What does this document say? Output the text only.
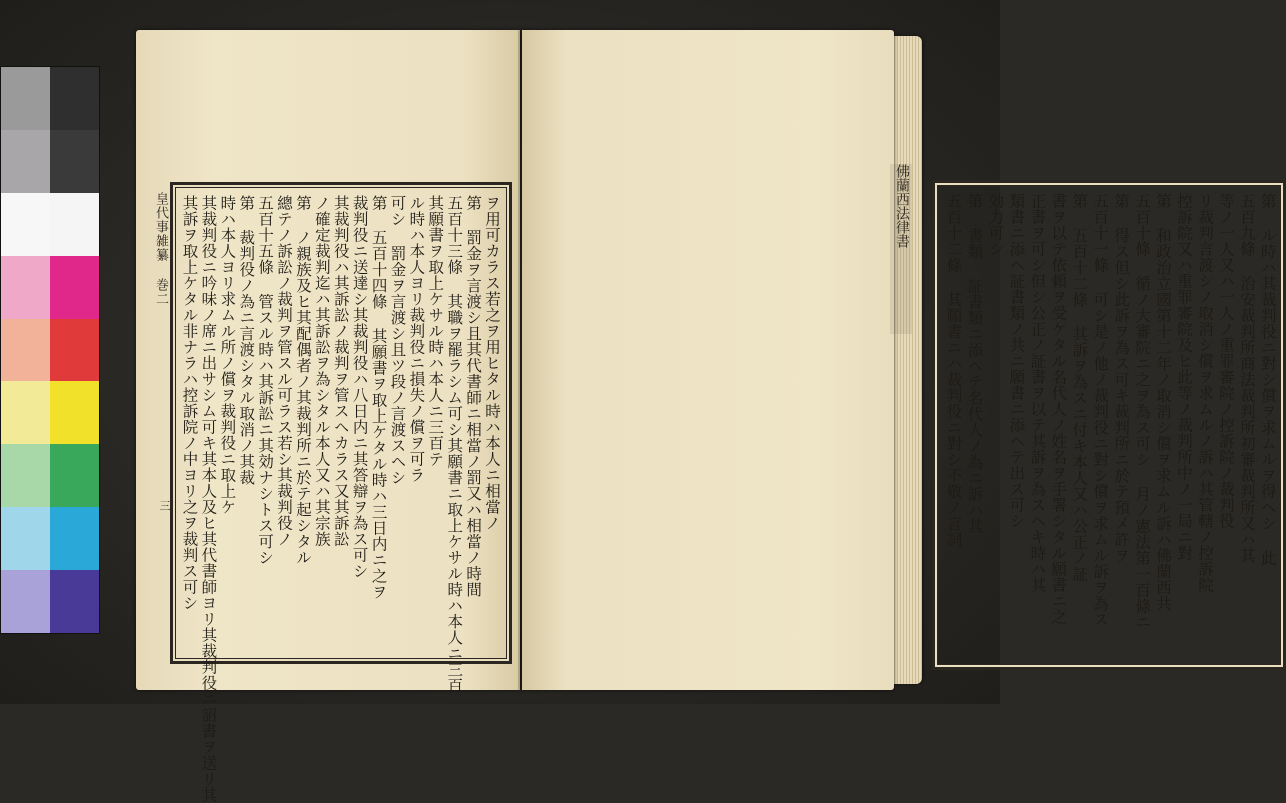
皇代事雑纂 巻二
三	ヲ用可カラス若之ヲ用ヒタル時ハ本人ニ相當ノ
第 罰金ヲ言渡シ且其代書師ニ相當ノ罰又ハ相當ノ時間
五百十三條 其職ヲ罷ラシム可シ其願書ニ取上ケサル時ハ本人ニ三百
其願書ヲ取上ケサル時ハ本人ニ三百テ
ル時ハ本人ヨリ裁判役ニ損失ノ償ヲ可ラ
可シ 罰金ヲ言渡シ且ツ段ノ言渡スヘシ
第 五百十四條 其願書ヲ取上ケタル時ハ三日内ニ之ヲ
裁判役ニ送達シ其裁判役ハ八日内ニ其答辯ヲ為ス可シ
其裁判役ハ其訴訟ノ裁判ヲ管スヘカラス又其訴訟
ノ確定裁判迄ハ其訴訟ヲ為シタル本人又ハ其宗族
第 ノ親族及ヒ其配偶者ノ其裁判所ニ於テ起シタル
總テノ訴訟ノ裁判ヲ管スル可ラス若シ其裁判役ノ
五百十五條 管スル時ハ其訴訟ニ其効ナシトス可シ
第 裁判役ノ為ニ言渡シタル取消ノ其裁
時ハ本人ヨリ求ムル所ノ償ヲ裁判役ニ取上ケ
其裁判役ニ吟味ノ席ニ出サシム可キ其本人及ヒ其代書師ヨリ其裁判役ニ詔書ヲ送リ其
其訴ヲ取上ケタル非ナラハ控訴院ノ中ヨリ之ヲ裁判ス可シ	第 ル時ハ其裁判役ニ對シ償ヲ求ムルヲ得ヘシ 此
五百九條 治安裁判所商法裁判所初審裁判所又ハ其
等ノ一人又ハ一人ノ重罪審院ノ控訴院ノ裁判役
リ裁判言渡シノ取消シ償ヲ求ムルノ訴ハ其管轄ノ控訴院
控訴院又ハ重罪審院及ヒ此等ノ裁判所中ノ一局ニ對
第 和政治立國第十二年ノ取消シ償ヲ求ムル訴ハ佛蘭西共
五百十條 循ノ大審院ニ之ヲ為ス可シ 月ノ憲法第一百條ニ
第 得ス但シ此訴ヲ為ス可キ裁判所ニ於テ預メ許ヲ
五百十一條 可シ是ノ他ノ裁判役ニ對シ償ヲ求ムル訴ヲ為ス
第 五百十二條 其訴ヲ為スニ付キ本人又ハ公正ノ証
書ヲ以テ依頼ヲ受ケタル名代人ノ姓名ヲ手署シタル願書ニ之
正書ヲ可シ但シ公正ノ証書ヲ以テ其訴ヲ為スヘキ時ハ其
類書ニ添ヘ証書類ノ共ニ願書ニ添ヘテ出ス可シ
効力可シ
第 書類 証書類ニ添ヘテ名代人ノ為ニ訴ハ其
五百十二條 其願書ニハ裁判役ニ對シ不敬ノ言詞
佛蘭西法律書
